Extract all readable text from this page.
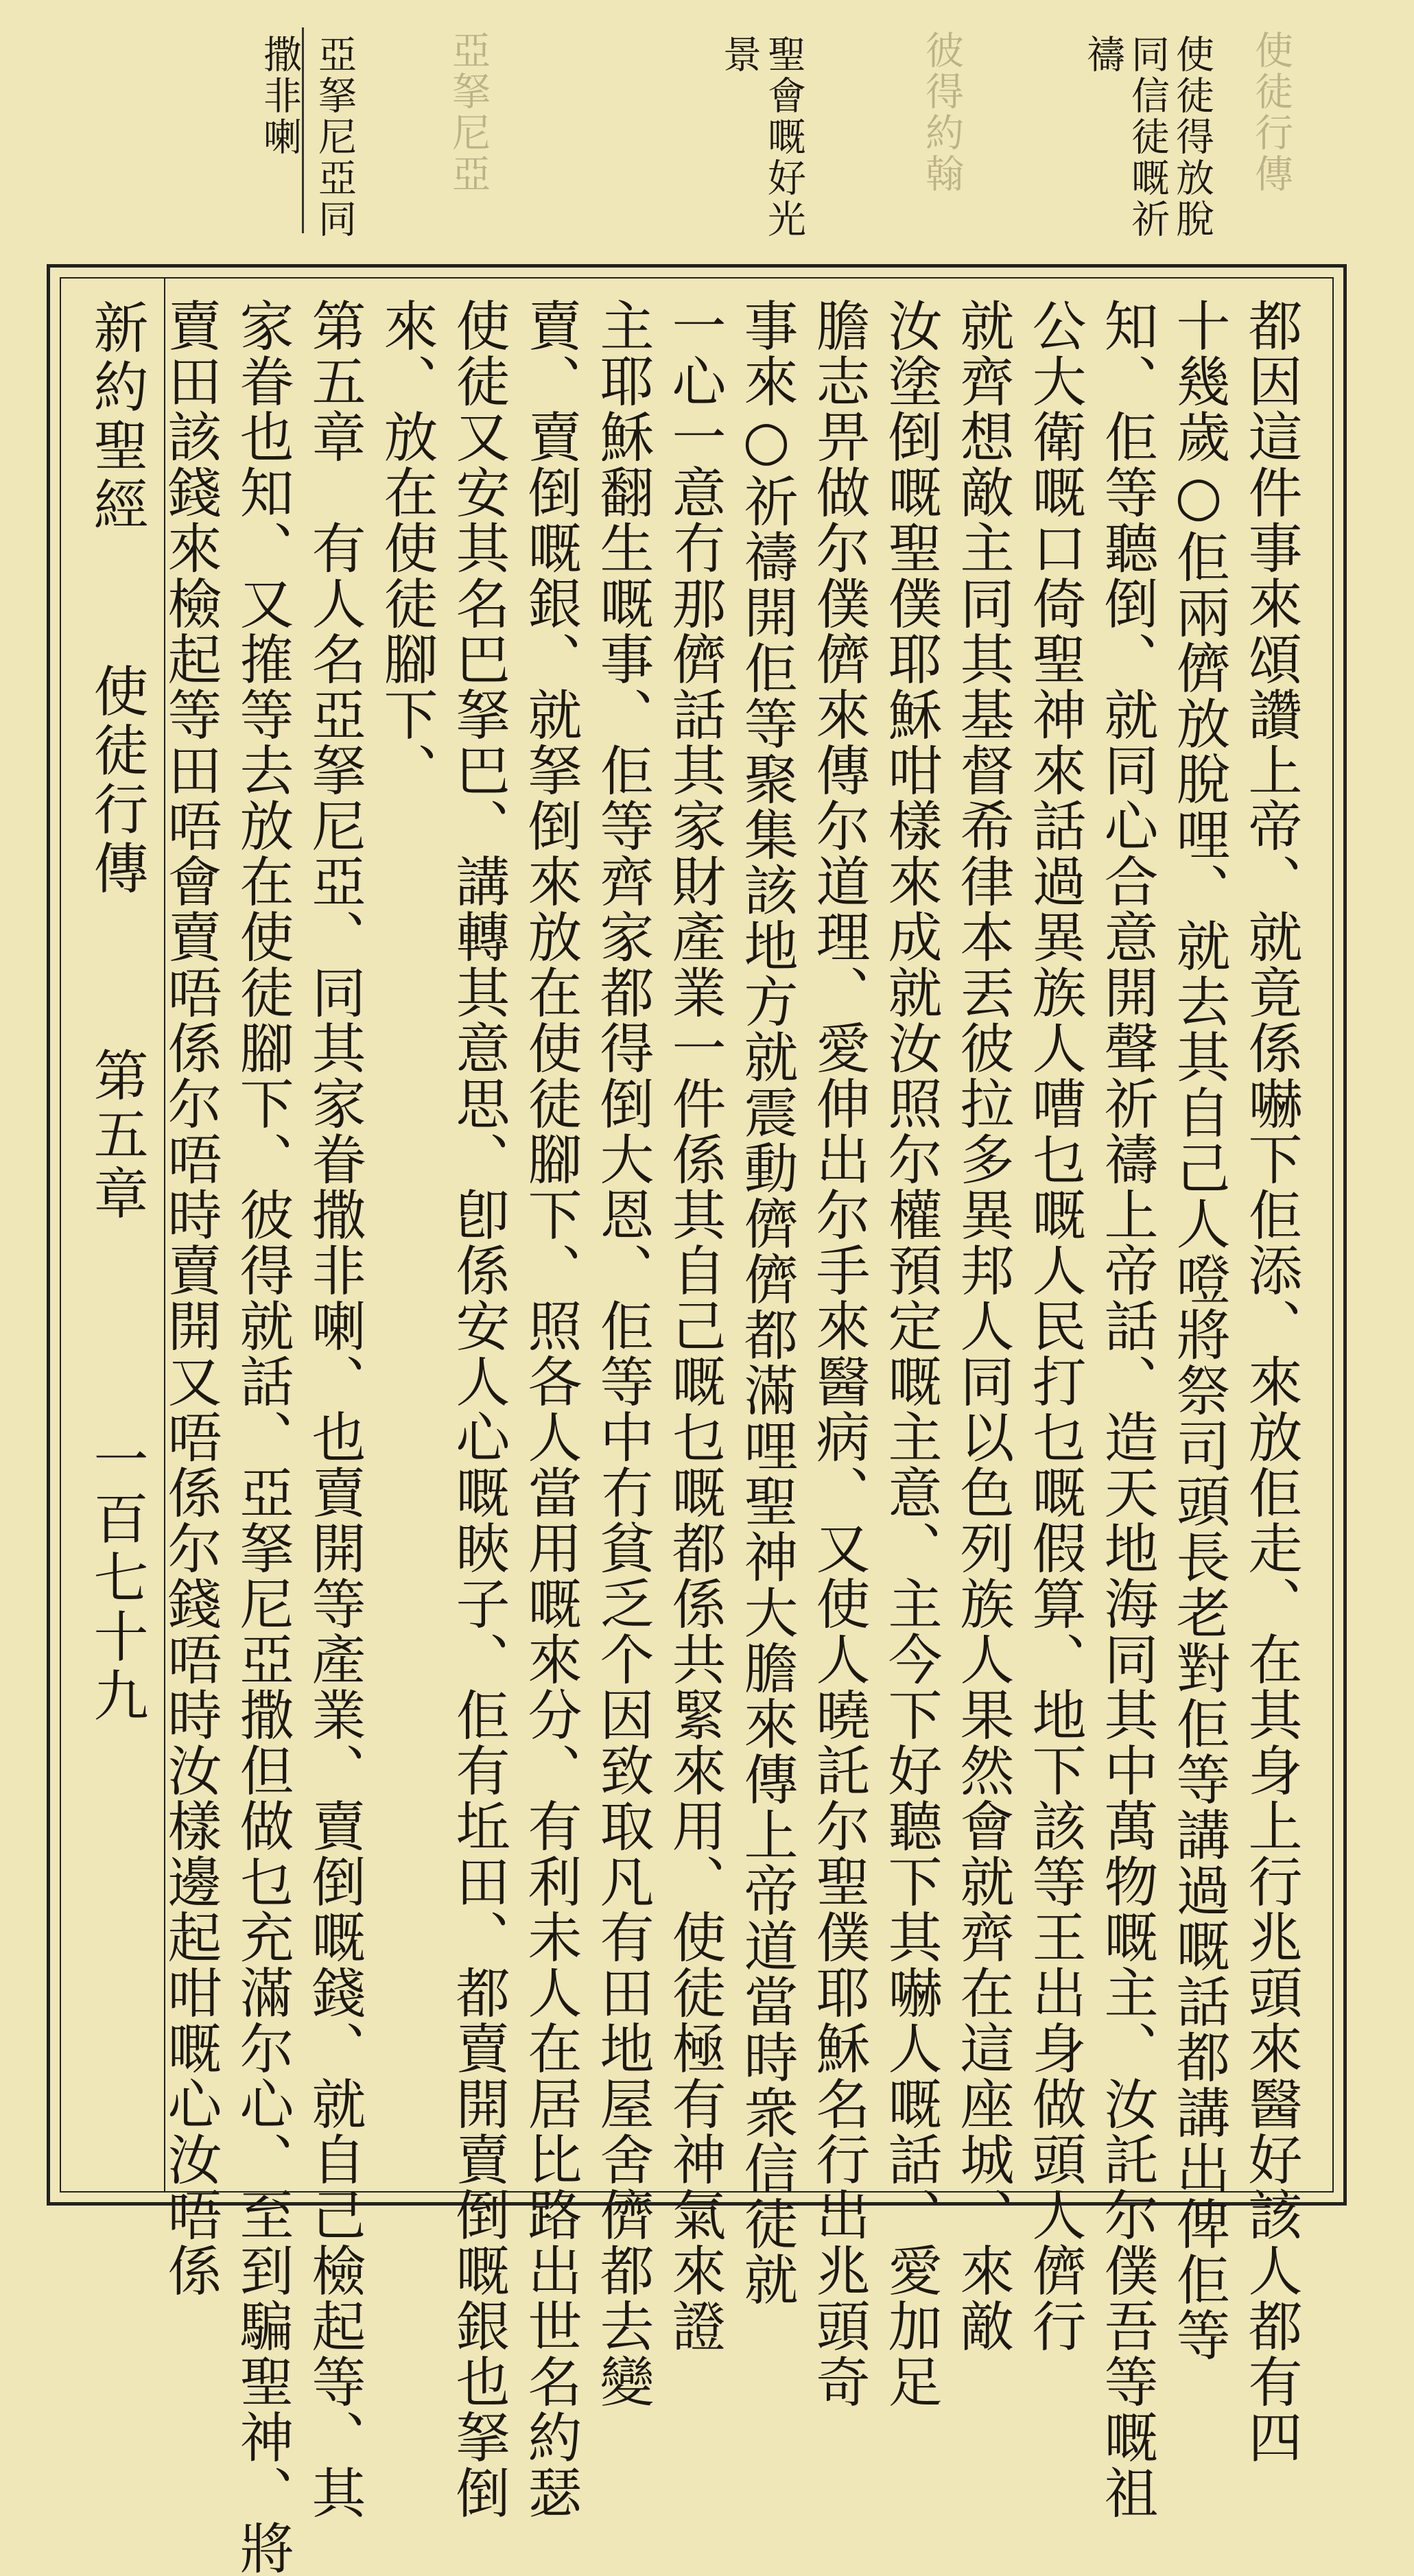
使徒行傳
使徒得放脫
同信徒嘅祈
禱
彼得約翰
聖會嘅好光
景
亞拏尼亞
亞拏尼亞同
撒非喇
新約聖經
使徒行傳
第五章
一百七十九	都因這件事來頌讚上帝、就竟係嚇下佢添、來放佢走、在其身上行兆頭來醫好該人都有四
十幾歲○佢兩儕放脫哩、就去其自己人噔將祭司頭長老對佢等講過嘅話都講出俾佢等
知、佢等聽倒、就同心合意開聲祈禱上帝話、造天地海同其中萬物嘅主、汝託尔僕吾等嘅祖
公大衛嘅口倚聖神來話過異族人嘈乜嘅人民打乜嘅假算、地下該等王出身做頭人儕行
就齊想敵主同其基督希律本丟彼拉多異邦人同以色列族人果然會就齊在這座城、來敵
汝塗倒嘅聖僕耶穌咁樣來成就汝照尔權預定嘅主意、主今下好聽下其嚇人嘅話、愛加足
膽志畀做尔僕儕來傳尔道理、愛伸出尔手來醫病、又使人曉託尔聖僕耶穌名行出兆頭奇
事來○祈禱開佢等聚集該地方就震動儕儕都滿哩聖神大膽來傳上帝道當時衆信徒就
一心一意冇那儕話其家財產業一件係其自己嘅乜嘅都係共緊來用、使徒極有神氣來證
主耶穌翻生嘅事、佢等齊家都得倒大恩、佢等中冇貧乏个因致取凡有田地屋舍儕都去變
賣、賣倒嘅銀、就拏倒來放在使徒腳下、照各人當用嘅來分、有利未人在居比路出世名約瑟
使徒又安其名巴拏巴、講轉其意思、卽係安人心嘅䀹子、佢有坵田、都賣開賣倒嘅銀也拏倒
來、放在使徒腳下、
第五章　有人名亞拏尼亞、同其家眷撒非喇、也賣開等產業、賣倒嘅錢、就自己檢起等、其
家眷也知、又搉等去放在使徒腳下、彼得就話、亞拏尼亞撒但做乜充滿尔心、至到騙聖神、將
賣田該錢來檢起等田唔會賣唔係尔唔時賣開又唔係尔錢唔時汝樣邊起咁嘅心汝唔係
